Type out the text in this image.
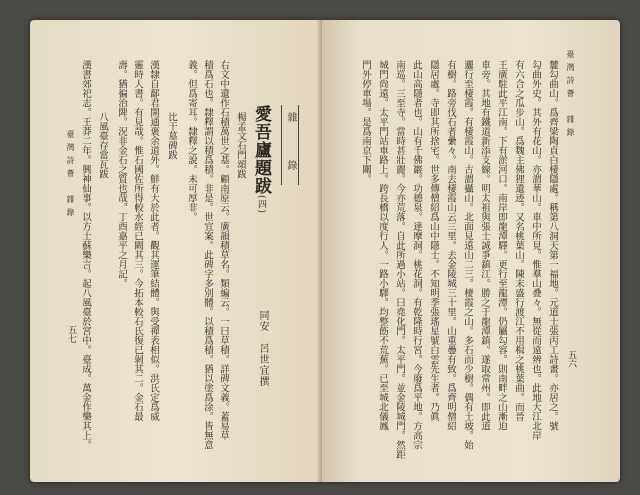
臺灣詩薈　雜錄
五七
雜　　錄
愛吾廬題跋(四)
同安　呂世宜撰
楊孟文石門頌跋
右文中遺作石積萬世之基。顧南原云。廣韻積草名。類編云。一曰草積。詳碑文義。蓋易草
積爲石也。隸釋謂以積爲積。非是。世宜案。此碑字多別體。以積爲積。猶以塗爲涂。皆無意
義。但爲寄耳。隸釋之說。未可厚非。
比干墓碑跋
漢隸自鄐君開通褒余道外。鮮有大於此者。觀其運筆結體。與受禪表相似。洪氏定爲威
靈時人書。有見哉。惟石國佐所得較水經已闕其三。今拓本較石氏復已剝其二。金石最
壽。猶徧治陴。況非金石之質也哉。丁酉嘉平之月記。
八風臺存當瓦跋
漢書郊祀志。王莽二年。興神仙事。以方士蘇樂言。起八風臺於宮中。臺成。萬金作樂其上。	臺灣詩薈　雜錄
五六
麓勾曲山。爲齊梁陶貞白棲隱處。稱第八洞天第一福地。元道士張丙工詩畫。亦居之。號
勾曲外史。其外有花山。亦謂華山。車中所見。惟羣山叠々。無從而遠辨也。此地大江北岸
有六合之瓜步山。爲魏主佛狸遺迹。又名桃葉山。陳末盛行渡江不用楫之桃葉曲。而晉
王廣駐此平江南。下有淤河口。南岸即龍潭驛。更行至龍潭。仍屬勾容。則南畔之山漸迫
車旁。其地有鐵道新添支線。明太祖與張士誠爭鎮江。勝之于龍潭鎮。遂取常州。即此道
邐行至棲霞。有棲霞山。古謂攝山。北面見遠山二三。棲霞之山。多石而少樹。偶有土坡。始
有樹。路旁伐石者纍々。南去棲霞山云三里。去金陵城三十里。山重疊有致。爲齊明僧紹
隱居處。寺即其所捨宅。世多傳僧紹爲山中隱士。不知明季張瑤星號白雲先生者。乃眞
此山高隱者也。山有千佛巖。功德泉。達摩洞。桃花洞。有乾隆時行宮。今廢爲平地。方高宗
南巡。三至寺。當時甚壯麗。今亦荒落。自此所過小站。曰堯化門。太平門。並金陵城門。然距
城門尙遠。太平門站車路上。跨長橋以度行人。一路小驛。均整飭不荒蕪。已至城北儀鳳
門外停車場。是爲南京下關。
